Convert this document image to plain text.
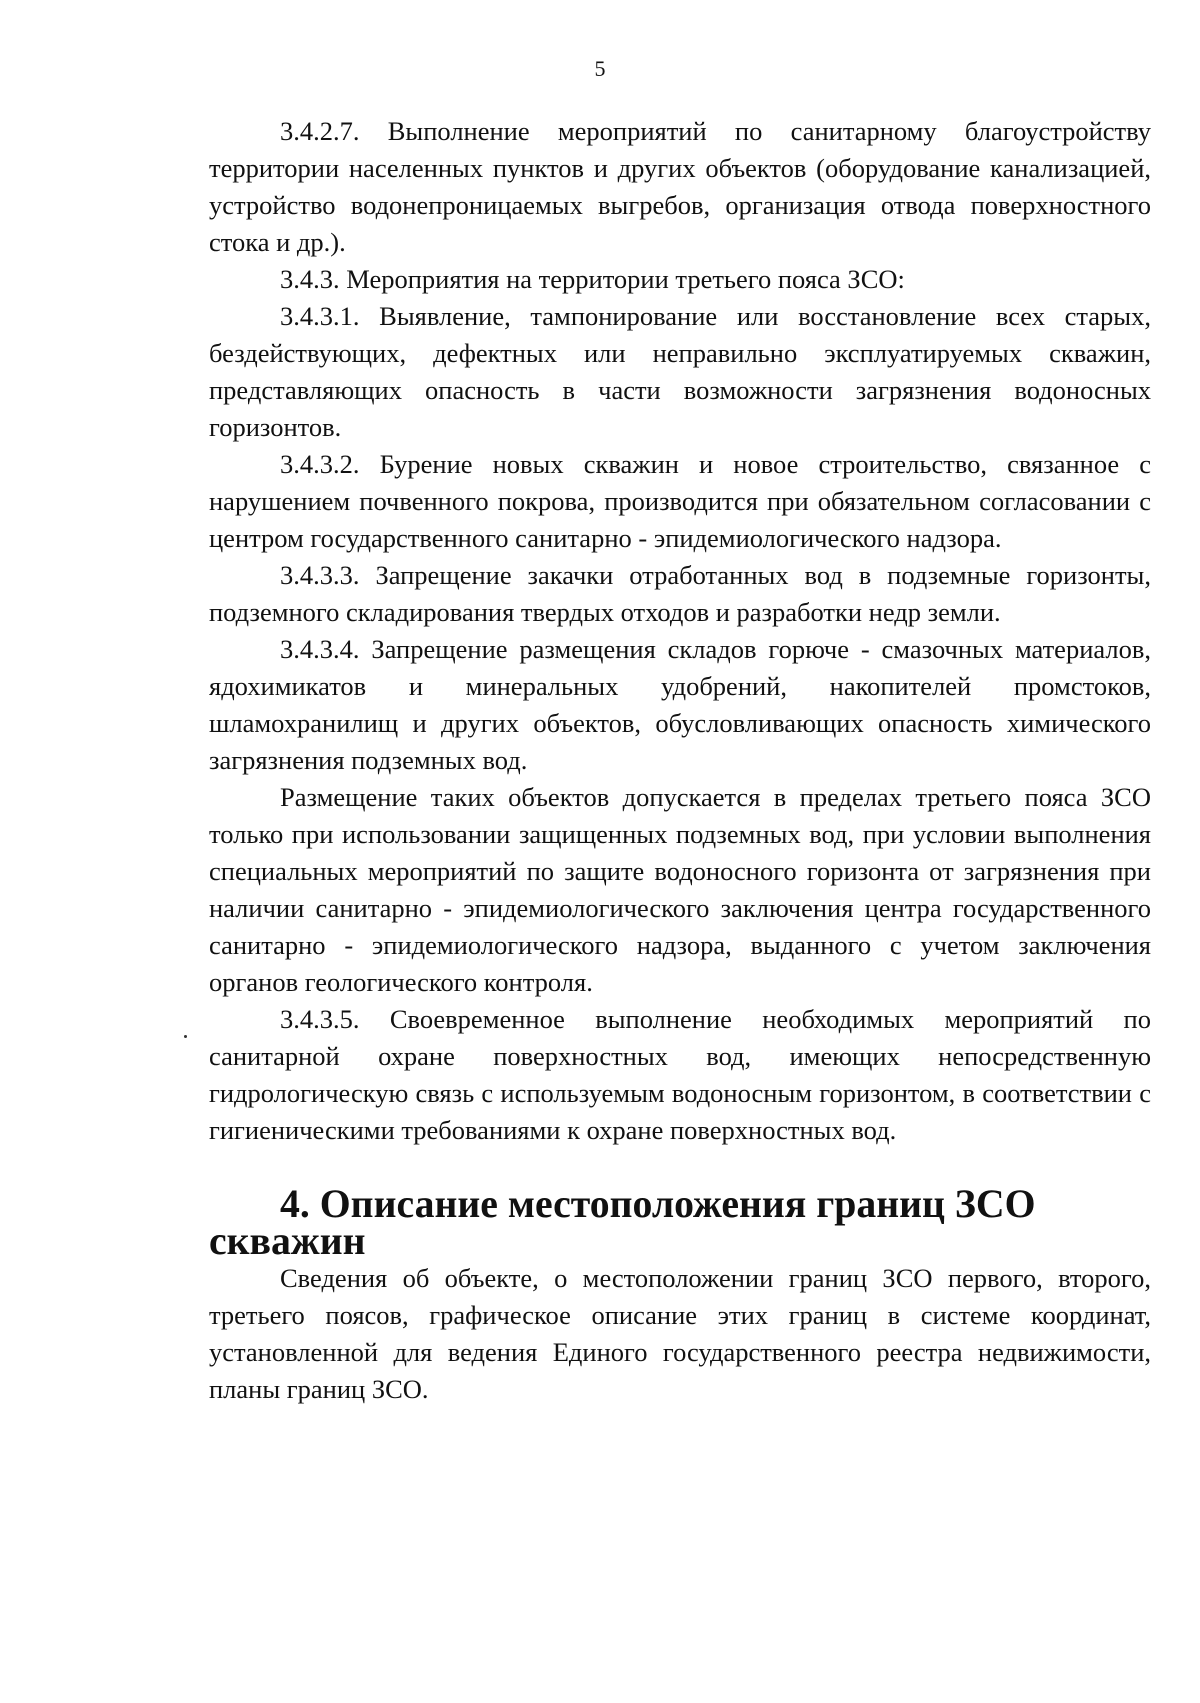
5

3.4.2.7. Выполнение мероприятий по санитарному благоустройству территории населенных пунктов и других объектов (оборудование канализацией, устройство водонепроницаемых выгребов, организация отвода поверхностного стока и др.).

3.4.3. Мероприятия на территории третьего пояса ЗСО:

3.4.3.1. Выявление, тампонирование или восстановление всех старых, бездействующих, дефектных или неправильно эксплуатируемых скважин, представляющих опасность в части возможности загрязнения водоносных горизонтов.

3.4.3.2. Бурение новых скважин и новое строительство, связанное с нарушением почвенного покрова, производится при обязательном согласовании с центром государственного санитарно - эпидемиологического надзора.

3.4.3.3. Запрещение закачки отработанных вод в подземные горизонты, подземного складирования твердых отходов и разработки недр земли.

3.4.3.4. Запрещение размещения складов горюче - смазочных материалов, ядохимикатов и минеральных удобрений, накопителей промстоков, шламохранилищ и других объектов, обусловливающих опасность химического загрязнения подземных вод.

Размещение таких объектов допускается в пределах третьего пояса ЗСО только при использовании защищенных подземных вод, при условии выполнения специальных мероприятий по защите водоносного горизонта от загрязнения при наличии санитарно - эпидемиологического заключения центра государственного санитарно - эпидемиологического надзора, выданного с учетом заключения органов геологического контроля.

3.4.3.5. Своевременное выполнение необходимых мероприятий по санитарной охране поверхностных вод, имеющих непосредственную гидрологическую связь с используемым водоносным горизонтом, в соответствии с гигиеническими требованиями к охране поверхностных вод.

4. Описание местоположения границ ЗСО скважин

Сведения об объекте, о местоположении границ ЗСО первого, второго, третьего поясов, графическое описание этих границ в системе координат, установленной для ведения Единого государственного реестра недвижимости, планы границ ЗСО.
